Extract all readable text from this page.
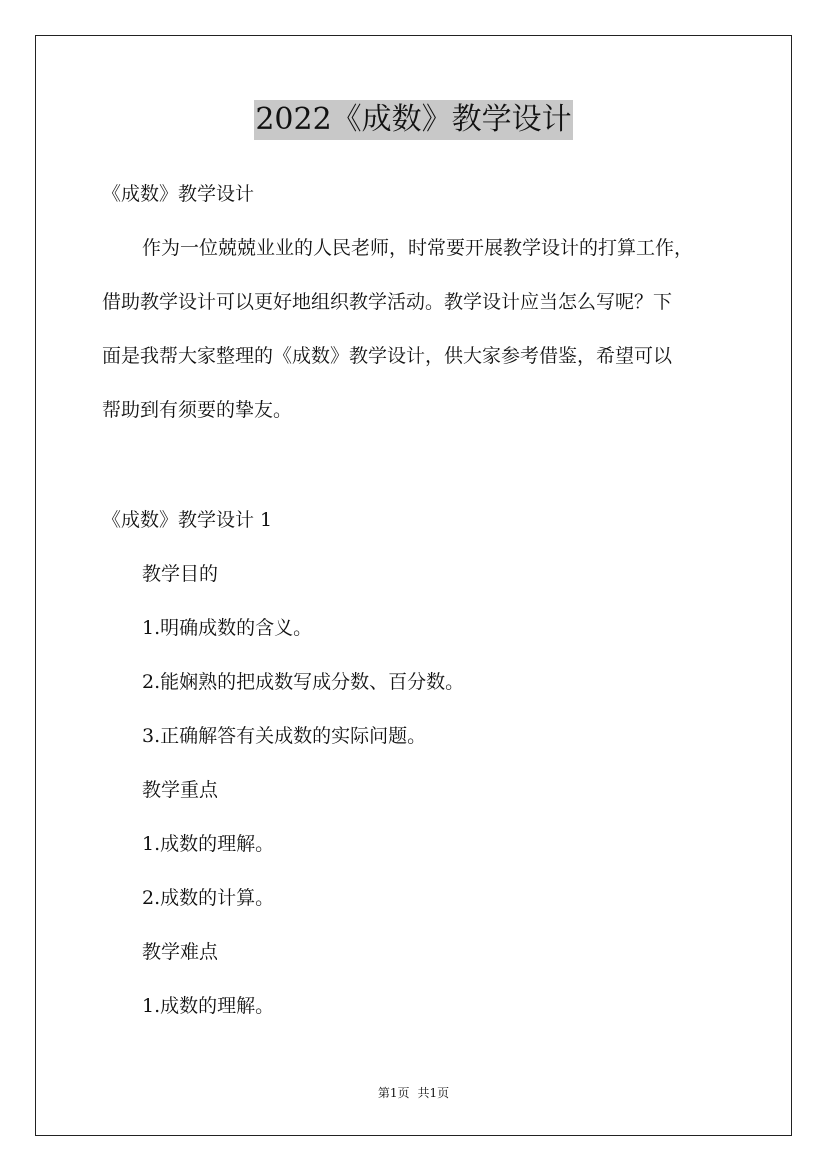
2022《成数》教学设计
《成数》教学设计
作为一位兢兢业业的人民老师，时常要开展教学设计的打算工作，
借助教学设计可以更好地组织教学活动。教学设计应当怎么写呢？下
面是我帮大家整理的《成数》教学设计，供大家参考借鉴，希望可以
帮助到有须要的挚友。
《成数》教学设计 1
教学目的
1.明确成数的含义。
2.能娴熟的把成数写成分数、百分数。
3.正确解答有关成数的实际问题。
教学重点
1.成数的理解。
2.成数的计算。
教学难点
1.成数的理解。
第1页 共1页
